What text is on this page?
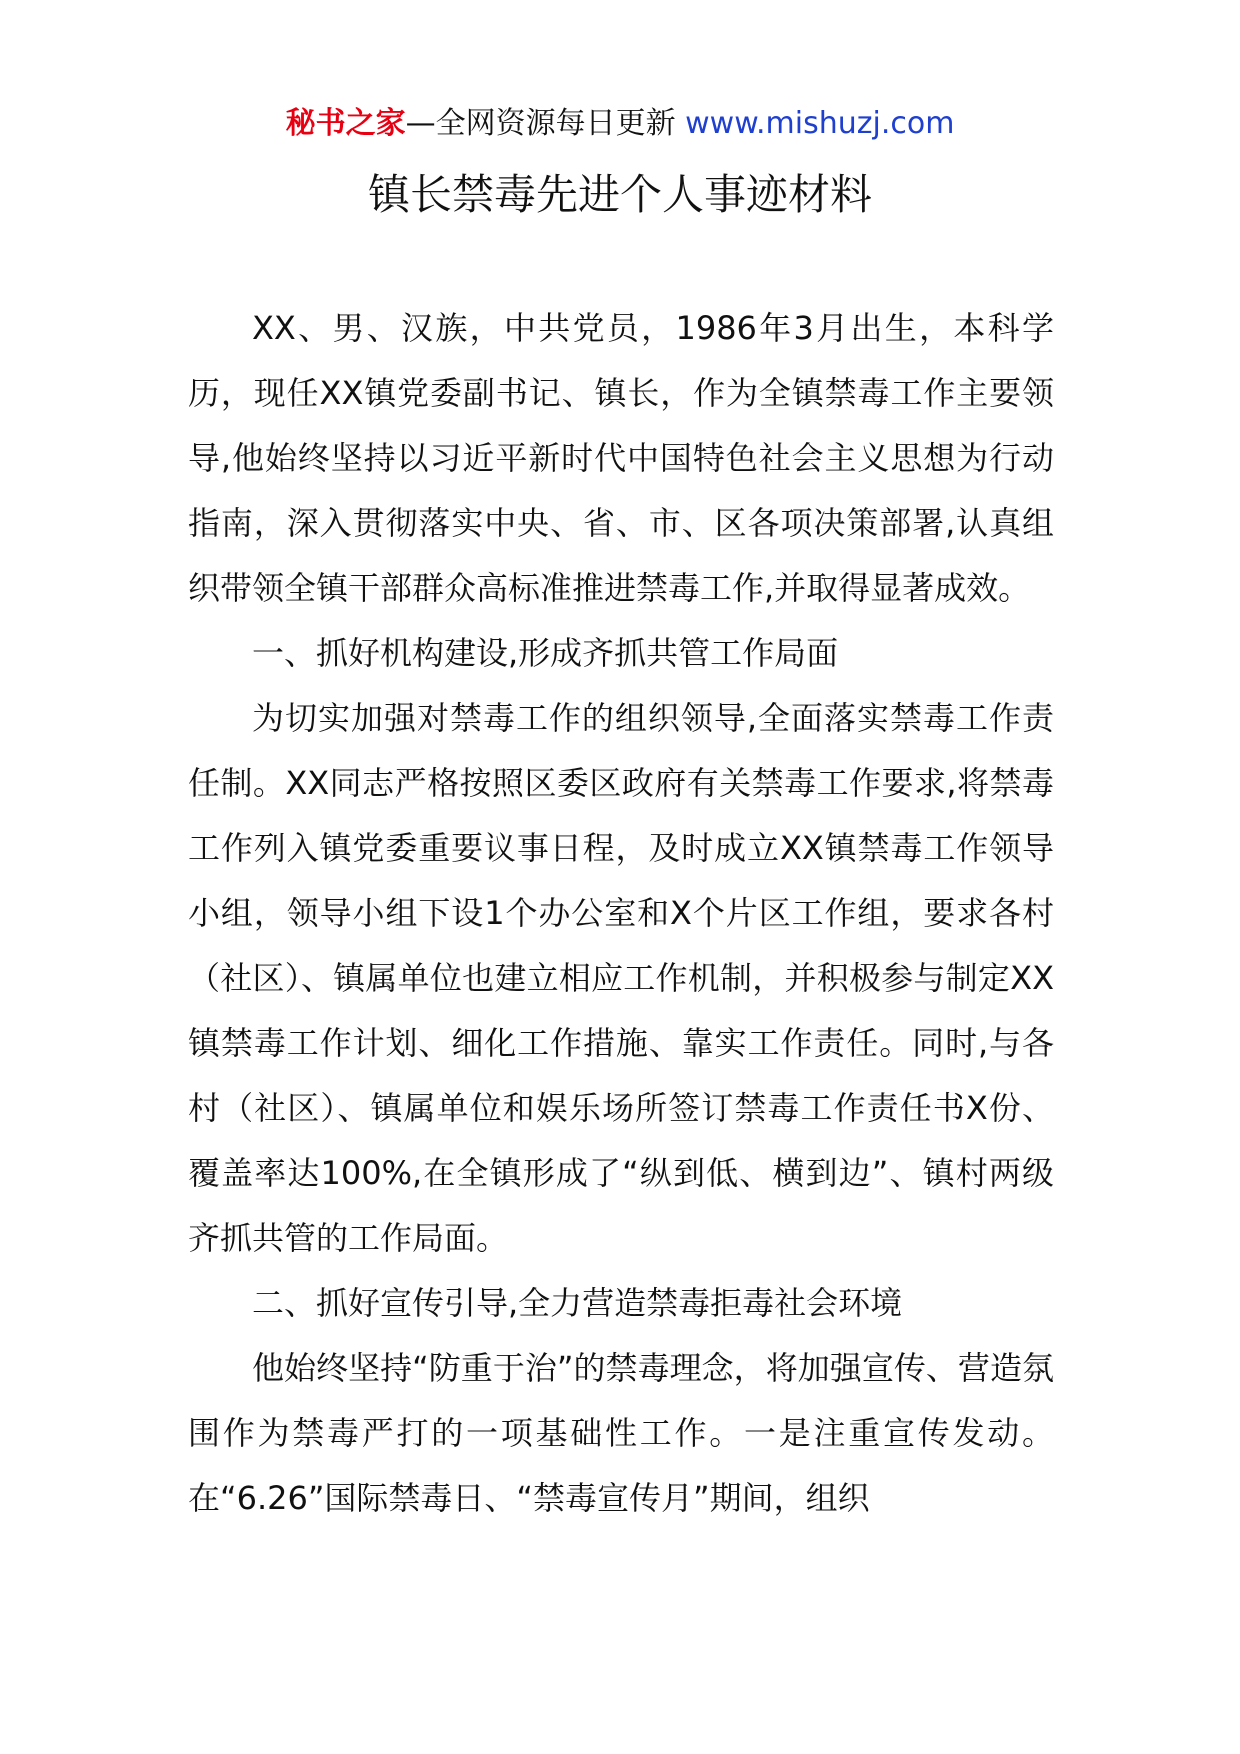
秘书之家—全网资源每日更新 www.mishuzj.com
镇长禁毒先进个人事迹材料

XX、男、汉族，中共党员，1986年3月出生，本科学历，现任XX镇党委副书记、镇长，作为全镇禁毒工作主要领导,他始终坚持以习近平新时代中国特色社会主义思想为行动指南，深入贯彻落实中央、省、市、区各项决策部署,认真组织带领全镇干部群众高标准推进禁毒工作,并取得显著成效。

一、抓好机构建设,形成齐抓共管工作局面

为切实加强对禁毒工作的组织领导,全面落实禁毒工作责任制。XX同志严格按照区委区政府有关禁毒工作要求,将禁毒工作列入镇党委重要议事日程，及时成立XX镇禁毒工作领导小组，领导小组下设1个办公室和X个片区工作组，要求各村（社区）、镇属单位也建立相应工作机制，并积极参与制定XX镇禁毒工作计划、细化工作措施、靠实工作责任。同时,与各村（社区）、镇属单位和娱乐场所签订禁毒工作责任书X份、覆盖率达100%,在全镇形成了“纵到低、横到边”、镇村两级齐抓共管的工作局面。

二、抓好宣传引导,全力营造禁毒拒毒社会环境

他始终坚持“防重于治”的禁毒理念，将加强宣传、营造氛围作为禁毒严打的一项基础性工作。一是注重宣传发动。在“6.26”国际禁毒日、“禁毒宣传月”期间，组织
